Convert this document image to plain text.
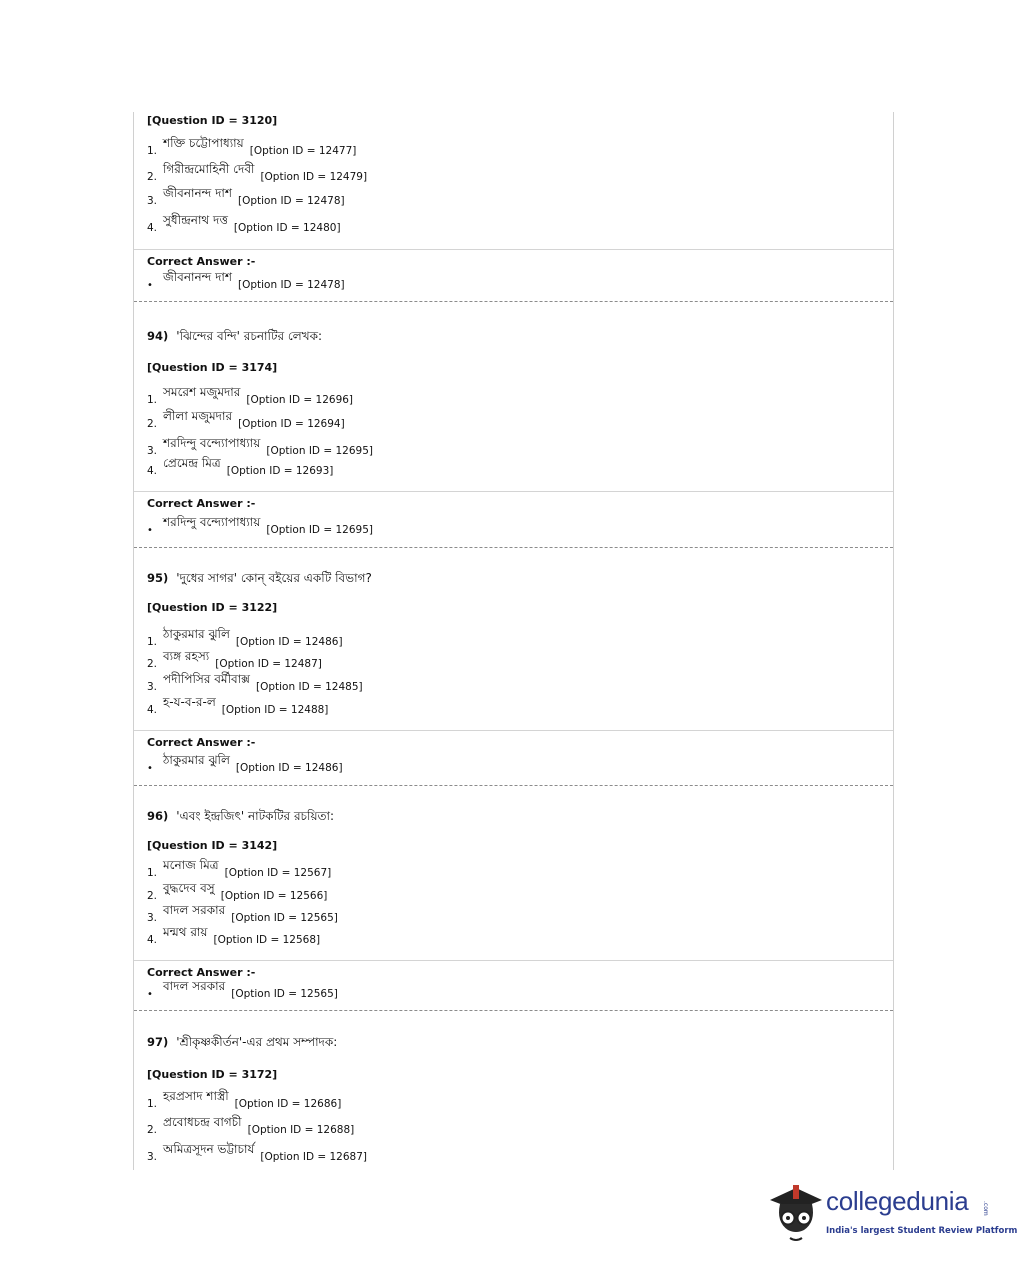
[Question ID = 3120]
1.শক্তি চট্টোপাধ্যায়[Option ID = 12477]
2.গিরীন্দ্রমোহিনী দেবী[Option ID = 12479]
3.জীবনানন্দ দাশ[Option ID = 12478]
4.সুধীন্দ্রনাথ দত্ত[Option ID = 12480]
Correct Answer :-
•জীবনানন্দ দাশ[Option ID = 12478]
94) 'ঝিন্দের বন্দি' রচনাটির লেখক:
[Question ID = 3174]
1.সমরেশ মজুমদার[Option ID = 12696]
2.লীলা মজুমদার[Option ID = 12694]
3.শরদিন্দু বন্দ্যোপাধ্যায়[Option ID = 12695]
4.প্রেমেন্দ্র মিত্র[Option ID = 12693]
Correct Answer :-
•শরদিন্দু বন্দ্যোপাধ্যায়[Option ID = 12695]
95) 'দুধের সাগর' কোন্ বইয়ের একটি বিভাগ?
[Question ID = 3122]
1.ঠাকুরমার ঝুলি[Option ID = 12486]
2.ব্যঙ্গ রহস্য[Option ID = 12487]
3.পদীপিসির বর্মীবাক্স[Option ID = 12485]
4.হ-য-ব-র-ল[Option ID = 12488]
Correct Answer :-
•ঠাকুরমার ঝুলি[Option ID = 12486]
96) 'এবং ইন্দ্রজিৎ' নাটকটির রচয়িতা:
[Question ID = 3142]
1.মনোজ মিত্র[Option ID = 12567]
2.বুদ্ধদেব বসু[Option ID = 12566]
3.বাদল সরকার[Option ID = 12565]
4.মন্মথ রায়[Option ID = 12568]
Correct Answer :-
•বাদল সরকার[Option ID = 12565]
97) 'শ্রীকৃষ্ণকীর্তন'-এর প্রথম সম্পাদক:
[Question ID = 3172]
1.হরপ্রসাদ শাস্ত্রী[Option ID = 12686]
2.প্রবোধচন্দ্র বাগচী[Option ID = 12688]
3.অমিত্রসূদন ভট্টাচার্য[Option ID = 12687]
collegedunia .com
India's largest Student Review Platform
